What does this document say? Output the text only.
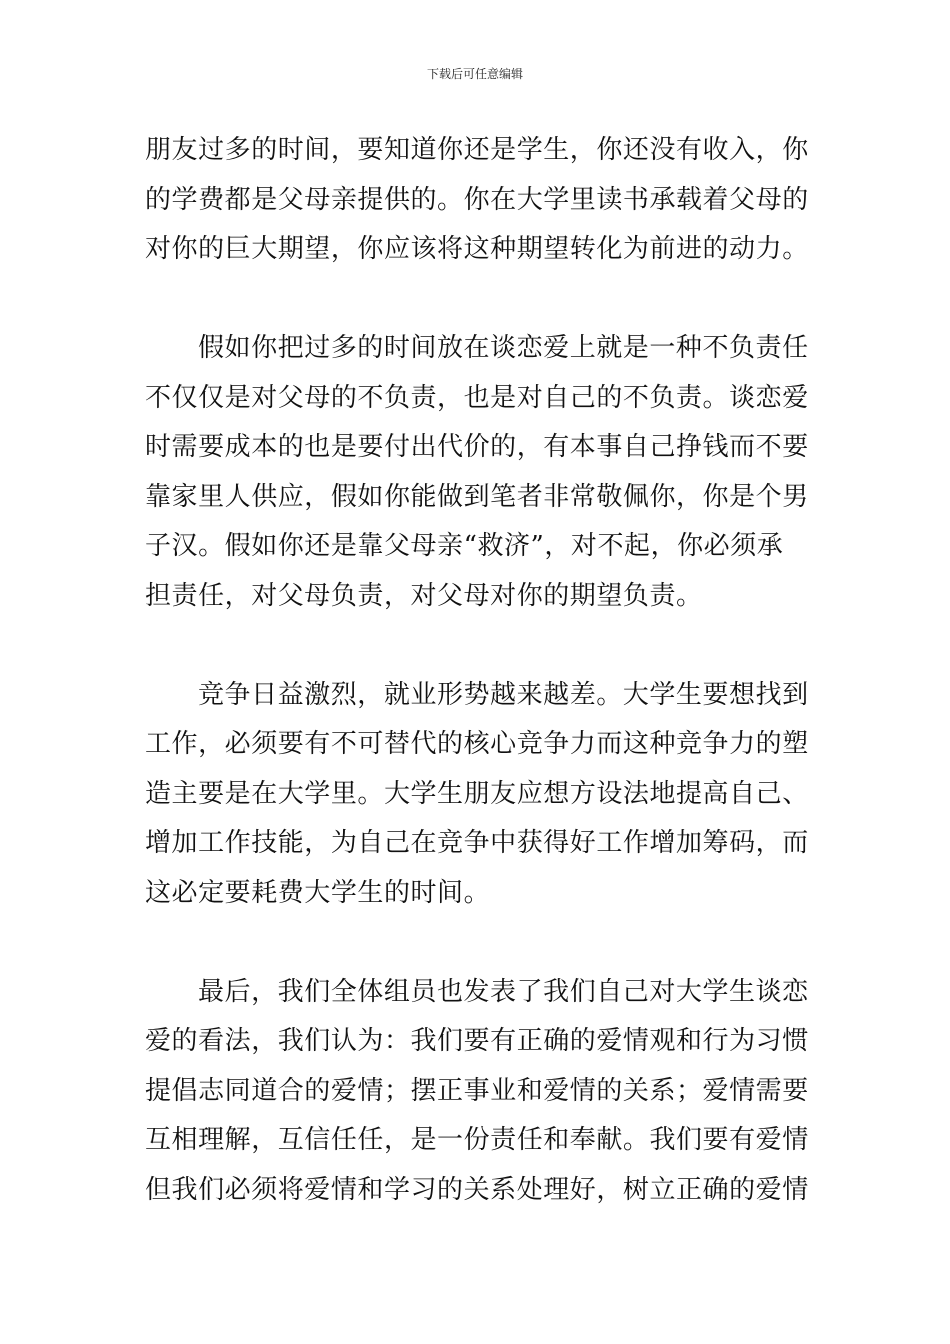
下载后可任意编辑
朋友过多的时间，要知道你还是学生，你还没有收入，你
的学费都是父母亲提供的。你在大学里读书承载着父母的
对你的巨大期望，你应该将这种期望转化为前进的动力。
假如你把过多的时间放在谈恋爱上就是一种不负责任
不仅仅是对父母的不负责，也是对自己的不负责。谈恋爱
时需要成本的也是要付出代价的，有本事自己挣钱而不要
靠家里人供应，假如你能做到笔者非常敬佩你，你是个男
子汉。假如你还是靠父母亲“救济”，对不起，你必须承
担责任，对父母负责，对父母对你的期望负责。
竞争日益激烈，就业形势越来越差。大学生要想找到
工作，必须要有不可替代的核心竞争力而这种竞争力的塑
造主要是在大学里。大学生朋友应想方设法地提高自己、
增加工作技能，为自己在竞争中获得好工作增加筹码，而
这必定要耗费大学生的时间。
最后，我们全体组员也发表了我们自己对大学生谈恋
爱的看法，我们认为：我们要有正确的爱情观和行为习惯
提倡志同道合的爱情；摆正事业和爱情的关系；爱情需要
互相理解，互信任任，是一份责任和奉献。我们要有爱情
但我们必须将爱情和学习的关系处理好，树立正确的爱情
